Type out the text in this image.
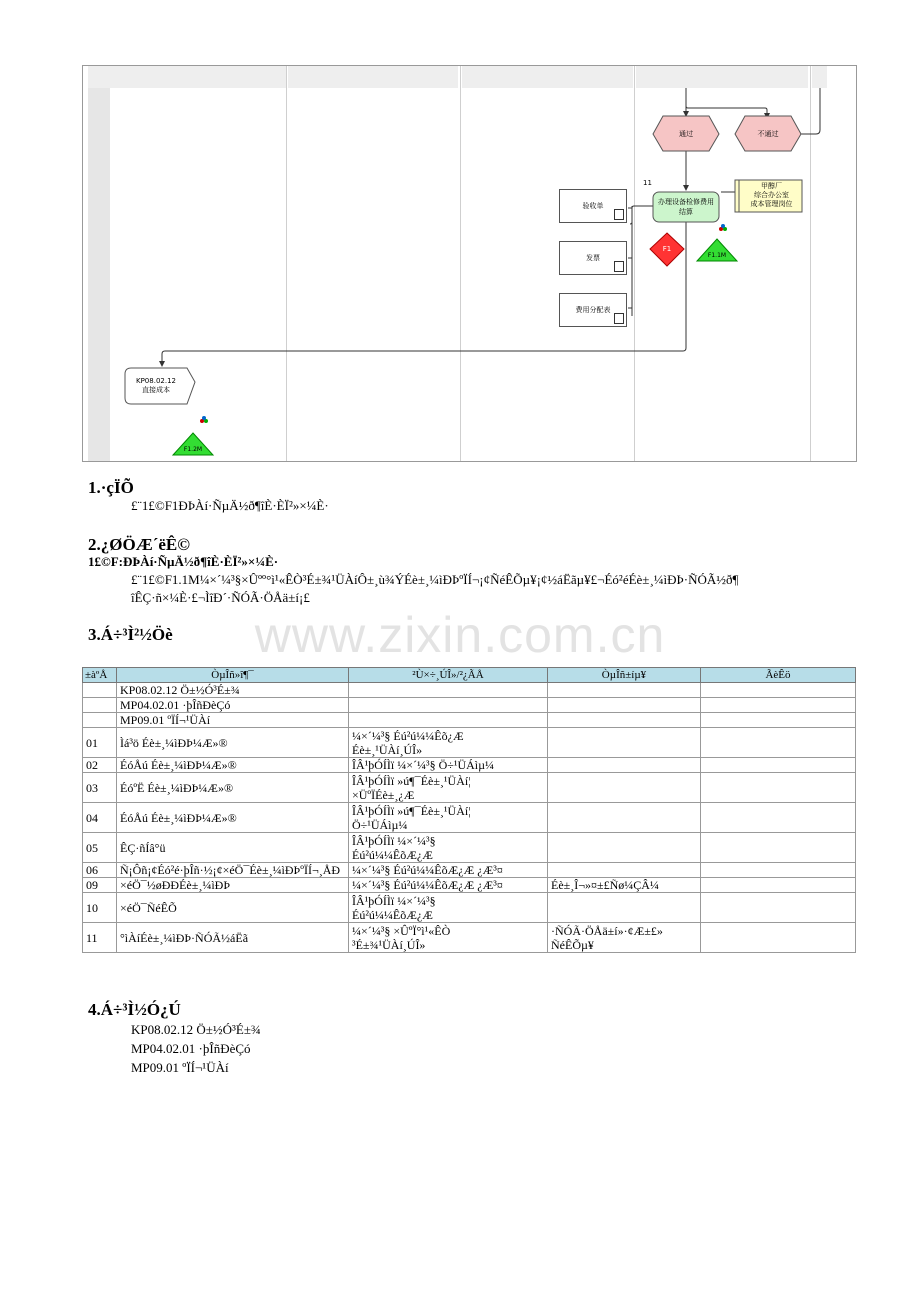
通过	不通过
11
办理设备检修费用
结算
甲醇厂
综合办公室
成本管理岗位
验收单
发票
费用分配表
F1
F1.1M
KP08.02.12
直接成本
F1.2M
1.·çÏÕ
£¨1£©F1ÐÞÀí·ÑµÄ½ð¶îÈ·ÈÏ²»×¼È·
2.¿ØÖÆ´ëÊ©
1£©F:ÐÞÀí·ÑµÄ½ð¶îÈ·ÈÏ²»×¼È·
£¨1£©F1.1M¼×´¼³§×Ûºº°ì¹«ÊÒ³É±¾¹ÜÀíÔ±¸ù¾ÝÉè±¸¼ìÐÞºÏÍ¬¡¢ÑéÊÕµ¥¡¢½áËãµ¥£¬Éó²éÉè±¸¼ìÐÞ·ÑÓÃ½ð¶
îÊÇ·ñ×¼È·£¬ÌîÐ´·ÑÓÃ·ÖÅä±í¡£
www.zixin.com.cn
3.Á÷³Ì²½Öè
±àºÅ	ÒµÎñ»î¶¯	²Ù×÷¸ÚÎ»/²¿ÃÅ	ÒµÎñ±íµ¥	ÃèÊö
	KP08.02.12 Ö±½Ó³É±¾			
	MP04.02.01 ·þÎñÐèÇó			
	MP09.01 ºÏÍ¬¹ÜÀí			
01	Ìá³ö Éè±¸¼ìÐÞ¼Æ»®	¼×´¼³§ Éú²ú¼¼Êõ¿Æ
Éè±¸¹ÜÀí¸ÚÎ»		
02	ÉóÅú Éè±¸¼ìÐÞ¼Æ»®	ÎÂ¹þÓÍÌï ¼×´¼³§ Ö÷¹ÜÁìµ¼		
03	ÉóºË Éè±¸¼ìÐÞ¼Æ»®	ÎÂ¹þÓÍÌï »ú¶¯Éè±¸¹ÜÀí¦
×ÜºÏÉè±¸¿Æ		
04	ÉóÅú Éè±¸¼ìÐÞ¼Æ»®	ÎÂ¹þÓÍÌï »ú¶¯Éè±¸¹ÜÀí¦
Ö÷¹ÜÁìµ¼		
05	ÊÇ·ñÍâ°ü	ÎÂ¹þÓÍÌï ¼×´¼³§
Éú²ú¼¼ÊõÆ¿Æ		
06	Ñ¡Ôñ¡¢Éó²é·þÎñ·½¡¢×éÖ¯Éè±¸¼ìÐÞºÏÍ¬¸ÅÐ	¼×´¼³§ Éú²ú¼¼ÊõÆ¿Æ ¿Æ³¤		
09	×éÖ¯½øÐÐÉè±¸¼ìÐÞ	¼×´¼³§ Éú²ú¼¼ÊõÆ¿Æ ¿Æ³¤	Éè±¸Î¬»¤±£Ñø¼ÇÂ¼	
10	×éÖ¯ÑéÊÕ	ÎÂ¹þÓÍÌï ¼×´¼³§
Éú²ú¼¼ÊõÆ¿Æ		
11	°ìÀíÉè±¸¼ìÐÞ·ÑÓÃ½áËã	¼×´¼³§ ×ÛºÏ°ì¹«ÊÒ
³É±¾¹ÜÀí¸ÚÎ»	·ÑÓÃ·ÖÅä±í»·¢Æ±£»
ÑéÊÕµ¥	
4.Á÷³Ì½Ó¿Ú
KP08.02.12 Ö±½Ó³É±¾
MP04.02.01 ·þÎñÐèÇó
MP09.01 ºÏÍ¬¹ÜÀí
